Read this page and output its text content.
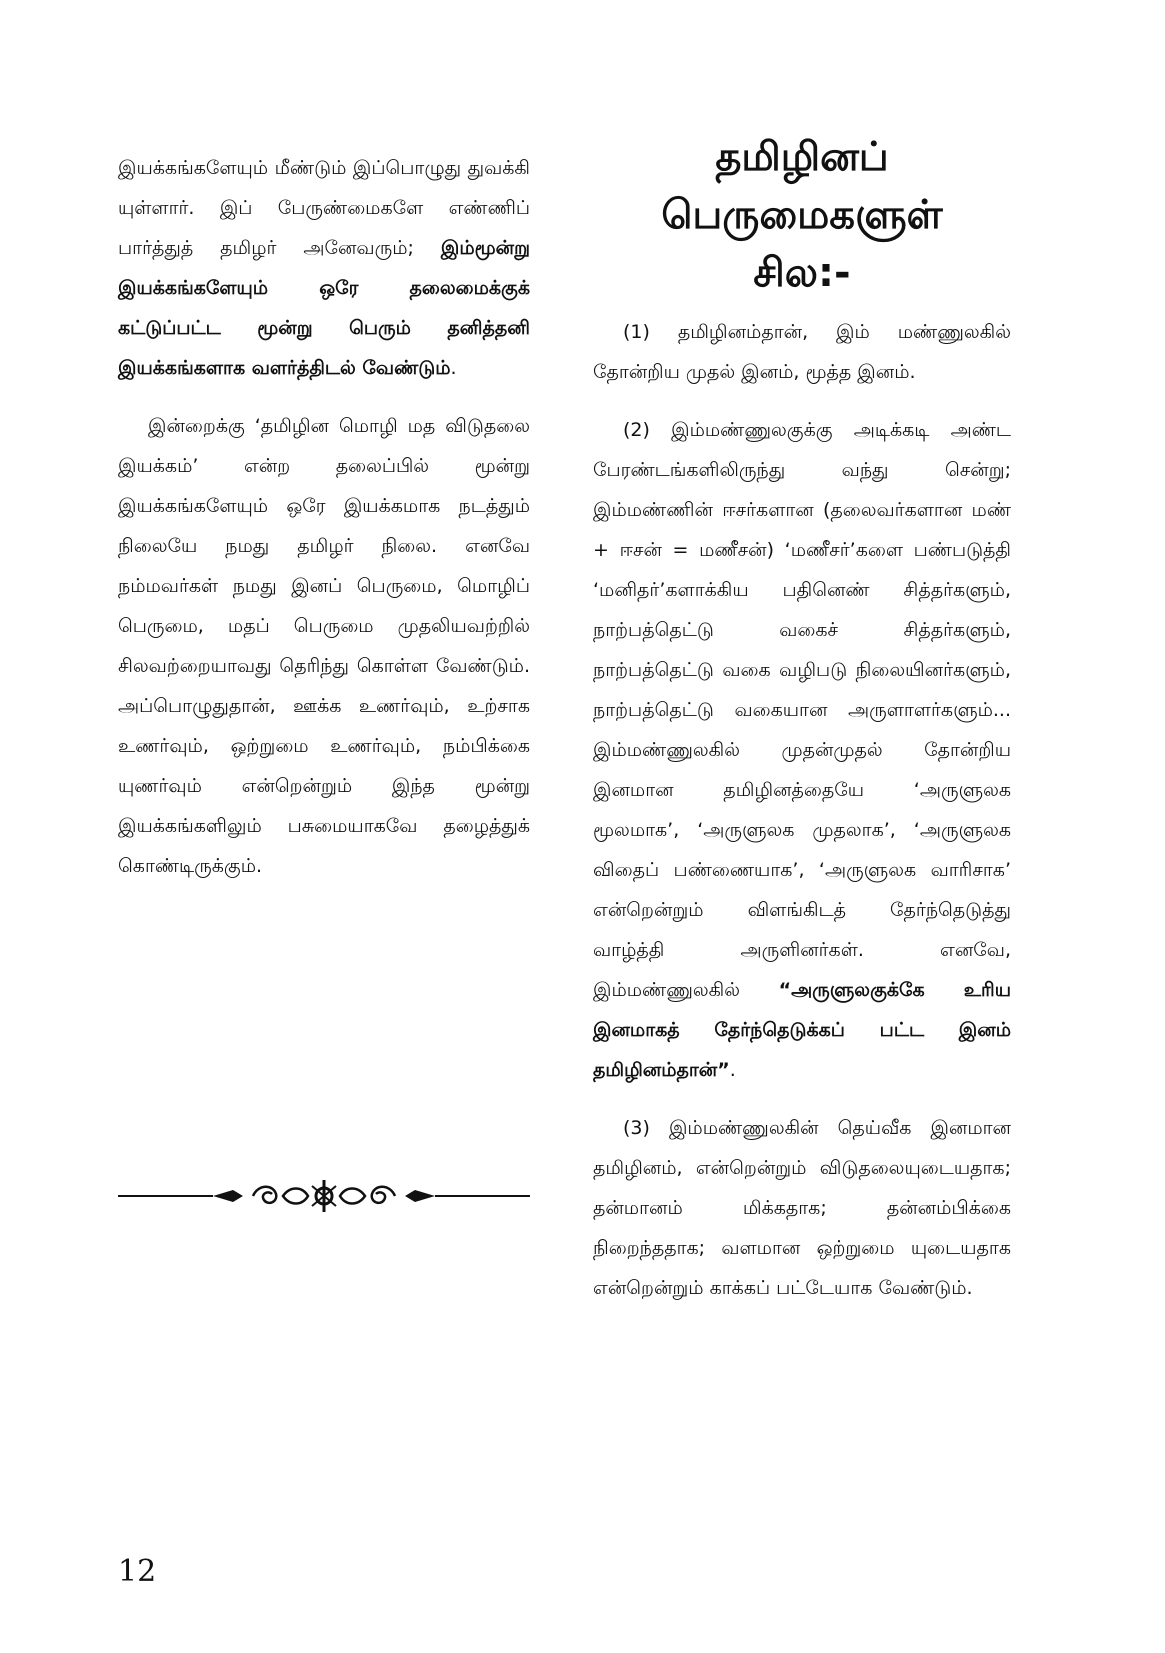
இயக்கங்களேயும் மீண்டும் இப்பொழுது துவக்கி யுள்ளார். இப் பேருண்மைகளே எண்ணிப் பார்த்துத் தமிழர் அனேவரும்; இம்மூன்று இயக்கங்களேயும் ஒரே தலைமைக்குக் கட்டுப்பட்ட மூன்று பெரும் தனித்தனி இயக்கங்களாக வளர்த்திடல் வேண்டும்.

இன்றைக்கு ‘தமிழின மொழி மத விடுதலை இயக்கம்’ என்ற தலைப்பில் மூன்று இயக்கங்களேயும் ஒரே இயக்கமாக நடத்தும் நிலையே நமது தமிழர் நிலை. எனவே நம்மவர்கள் நமது இனப் பெருமை, மொழிப் பெருமை, மதப் பெருமை முதலியவற்றில் சிலவற்றையாவது தெரிந்து கொள்ள வேண்டும். அப்பொழுதுதான், ஊக்க உணர்வும், உற்சாக உணர்வும், ஒற்றுமை உணர்வும், நம்பிக்கை யுணர்வும் என்றென்றும் இந்த மூன்று இயக்கங்களிலும் பசுமையாகவே தழைத்துக் கொண்டிருக்கும்.

தமிழினப்
பெருமைகளுள்
சில:-

(1) தமிழினம்தான், இம் மண்ணுலகில் தோன்றிய முதல் இனம், மூத்த இனம்.

(2) இம்மண்ணுலகுக்கு அடிக்கடி அண்ட பேரண்டங்களிலிருந்து வந்து சென்று; இம்மண்ணின் ஈசர்களான (தலைவர்களான மண் + ஈசன் = மணீசன்) ‘மணீசர்’களை பண்படுத்தி ‘மனிதர்’களாக்கிய பதினெண் சித்தர்களும், நாற்பத்தெட்டு வகைச் சித்தர்களும், நாற்பத்தெட்டு வகை வழிபடு நிலையினர்களும், நாற்பத்தெட்டு வகையான அருளாளர்களும்... இம்மண்ணுலகில் முதன்முதல் தோன்றிய இனமான தமிழினத்தையே ‘அருளுலக மூலமாக’, ‘அருளுலக முதலாக’, ‘அருளுலக விதைப் பண்ணையாக’, ‘அருளுலக வாரிசாக’ என்றென்றும் விளங்கிடத் தேர்ந்தெடுத்து வாழ்த்தி அருளினர்கள். எனவே, இம்மண்ணுலகில் “அருளுலகுக்கே உரிய இனமாகத் தேர்ந்தெடுக்கப் பட்ட இனம் தமிழினம்தான்”.

(3) இம்மண்ணுலகின் தெய்வீக இனமான தமிழினம், என்றென்றும் விடுதலையுடையதாக; தன்மானம் மிக்கதாக; தன்னம்பிக்கை நிறைந்ததாக; வளமான ஒற்றுமை யுடையதாக என்றென்றும் காக்கப் பட்டேயாக வேண்டும்.

12
